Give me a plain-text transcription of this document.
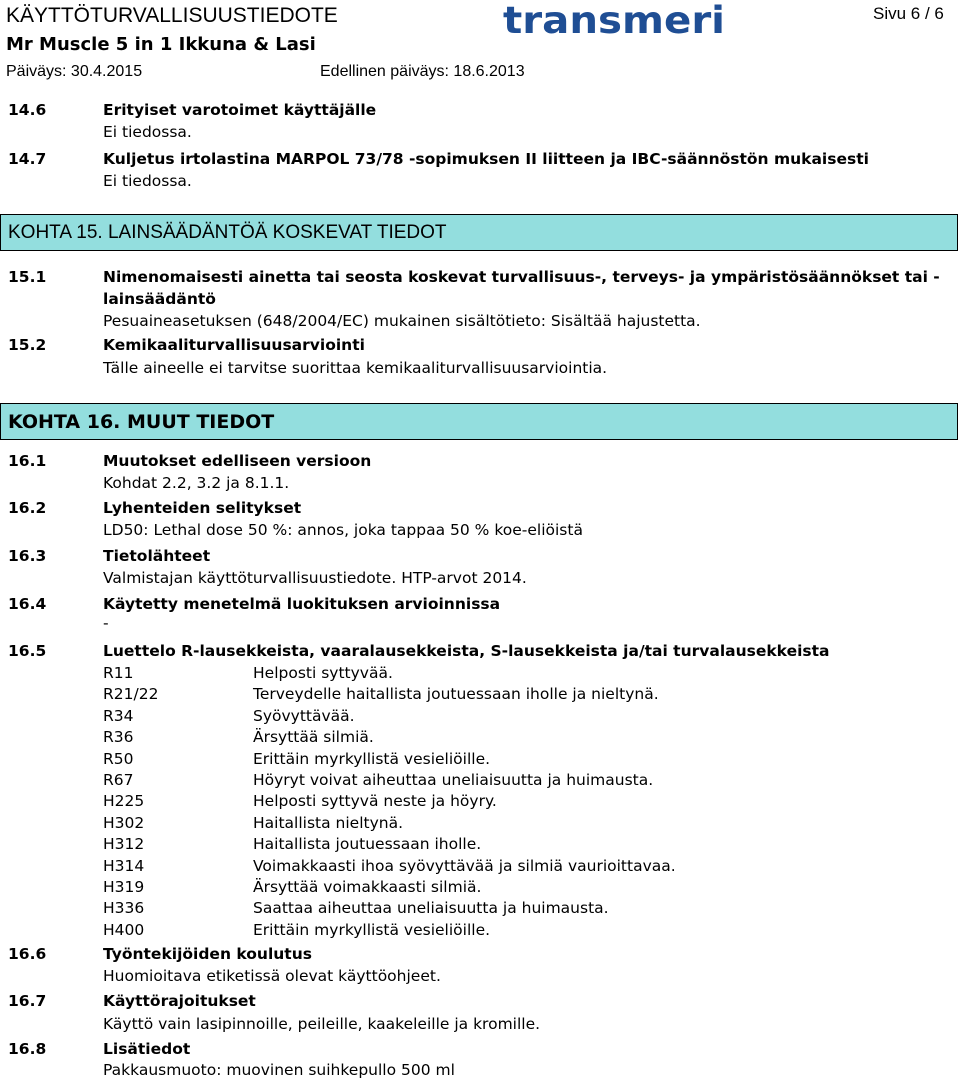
KÄYTTÖTURVALLISUUSTIEDOTE
Mr Muscle 5 in 1 Ikkuna & Lasi
Päiväys: 30.4.2015	Edellinen päiväys: 18.6.2013
transmeri	Sivu 6 / 6
14.6	Erityiset varotoimet käyttäjälle
Ei tiedossa.
14.7	Kuljetus irtolastina MARPOL 73/78 -sopimuksen II liitteen ja IBC-säännöstön mukaisesti
Ei tiedossa.
KOHTA 15. LAINSÄÄDÄNTÖÄ KOSKEVAT TIEDOT
15.1	Nimenomaisesti ainetta tai seosta koskevat turvallisuus-, terveys- ja ympäristösäännökset tai -
lainsäädäntö
Pesuaineasetuksen (648/2004/EC) mukainen sisältötieto: Sisältää hajustetta.
15.2	Kemikaaliturvallisuusarviointi
Tälle aineelle ei tarvitse suorittaa kemikaaliturvallisuusarviointia.
KOHTA 16. MUUT TIEDOT
16.1	Muutokset edelliseen versioon
Kohdat 2.2, 3.2 ja 8.1.1.
16.2	Lyhenteiden selitykset
LD50: Lethal dose 50 %: annos, joka tappaa 50 % koe-eliöistä
16.3	Tietolähteet
Valmistajan käyttöturvallisuustiedote. HTP-arvot 2014.
16.4	Käytetty menetelmä luokituksen arvioinnissa
-
16.5	Luettelo R-lausekkeista, vaaralausekkeista, S-lausekkeista ja/tai turvalausekkeista
R11	Helposti syttyvää.
R21/22	Terveydelle haitallista joutuessaan iholle ja nieltynä.
R34	Syövyttävää.
R36	Ärsyttää silmiä.
R50	Erittäin myrkyllistä vesieliöille.
R67	Höyryt voivat aiheuttaa uneliaisuutta ja huimausta.
H225	Helposti syttyvä neste ja höyry.
H302	Haitallista nieltynä.
H312	Haitallista joutuessaan iholle.
H314	Voimakkaasti ihoa syövyttävää ja silmiä vaurioittavaa.
H319	Ärsyttää voimakkaasti silmiä.
H336	Saattaa aiheuttaa uneliaisuutta ja huimausta.
H400	Erittäin myrkyllistä vesieliöille.
16.6	Työntekijöiden koulutus
Huomioitava etiketissä olevat käyttöohjeet.
16.7	Käyttörajoitukset
Käyttö vain lasipinnoille, peileille, kaakeleille ja kromille.
16.8	Lisätiedot
Pakkausmuoto: muovinen suihkepullo 500 ml
